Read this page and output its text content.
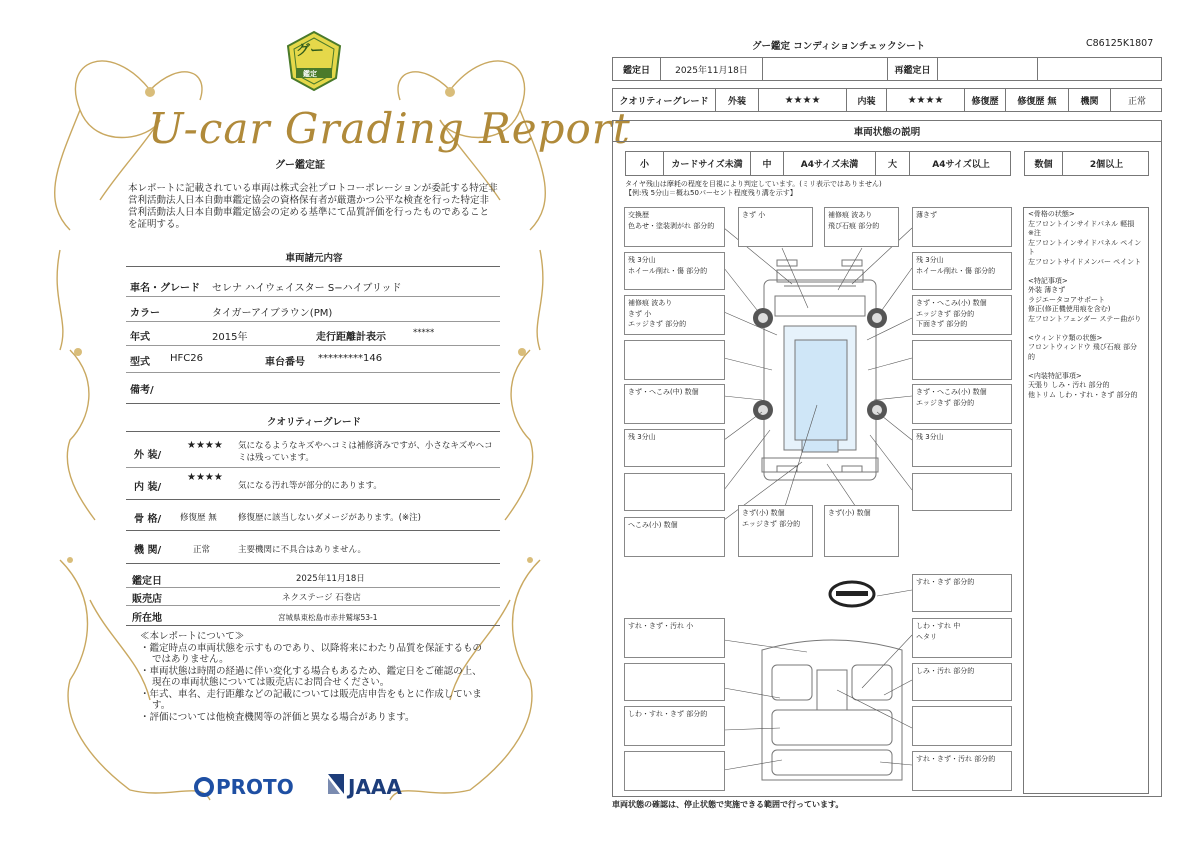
グー
鑑定
U-car Grading Report
グー鑑定証
本レポートに記載されている車両は株式会社プロトコーポレーションが委託する特定非営利活動法人日本自動車鑑定協会の資格保有者が厳選かつ公平な検査を行った特定非営利活動法人日本自動車鑑定協会の定める基準にて品質評価を行ったものであることを証明する。
車両諸元内容
車名・グレード セレナ ハイウェイスター S−ハイブリッド
カラー	タイガーアイブラウン(PM)
年式	2015年	走行距離計表示	*****
型式 HFC26	車台番号 *********146
備考/
クオリティーグレード
外 装/
★★★★ 気になるようなキズやヘコミは補修済みですが、小さなキズやヘコミは残っています。
内 装/
★★★★
気になる汚れ等が部分的にあります。
骨 格/ 修復歴 無	修復歴に該当しないダメージがあります。(※注)
機 関/	正常	主要機関に不具合はありません。
鑑定日	2025年11月18日
販売店	ネクステージ 石巻店
所在地	宮城県東松島市赤井鷲塚53-1
≪本レポートについて≫
・鑑定時点の車両状態を示すものであり、以降将来にわたり品質を保証するものではありません。
・車両状態は時間の経過に伴い変化する場合もあるため、鑑定日をご確認の上、現在の車両状態については販売店にお問合せください。
・年式、車名、走行距離などの記載については販売店申告をもとに作成しています。
・評価については他検査機関等の評価と異なる場合があります。
PROTO	JAAA
グー鑑定 コンディションチェックシート	C86125K1807
鑑定日	2025年11月18日	再鑑定日
クオリティーグレード	外装	★★★★	内装	★★★★	修復歴	修復歴 無	機関	正常
車両状態の説明
小	カードサイズ未満	中	A4サイズ未満	大	A4サイズ以上	数個	2個以上
タイヤ残山は摩耗の程度を目視により判定しています。(ミリ表示ではありません)
【例:残 5分山＝概ね50パーセント程度残り溝を示す】
<骨格の状態>
左フロントインサイドパネル 軽損
※注
左フロントインサイドパネル ペイント
左フロントサイドメンバー ペイント

<特記事項>
外装 薄きず
ラジエータコアサポート
修正(修正機使用痕を含む)
左フロントフェンダー ステー曲がり

<ウィンドウ類の状態>
フロントウィンドウ 飛び石痕 部分的

<内装特記事項>
天張り しみ・汚れ 部分的
他トリム しわ・すれ・きず 部分的
交換歴
色あせ・塗装剥がれ 部分的
きず 小	補修痕 波あり
飛び石痕 部分的
薄きず
残 3分山
ホイール削れ・傷 部分的
残 3分山
ホイール削れ・傷 部分的
補修痕 波あり
きず 小
エッジきず 部分的
きず・へこみ(小) 数個
エッジきず 部分的
下面きず 部分的
きず・へこみ(中) 数個	きず・へこみ(小) 数個
エッジきず 部分的
残 3分山	残 3分山
へこみ(小) 数個
きず(小) 数個
エッジきず 部分的
きず(小) 数個
すれ・きず 部分的
すれ・きず・汚れ 小	しわ・すれ 中
ヘタリ
しみ・汚れ 部分的
しわ・すれ・きず 部分的
すれ・きず・汚れ 部分的
車両状態の確認は、停止状態で実施できる範囲で行っています。
